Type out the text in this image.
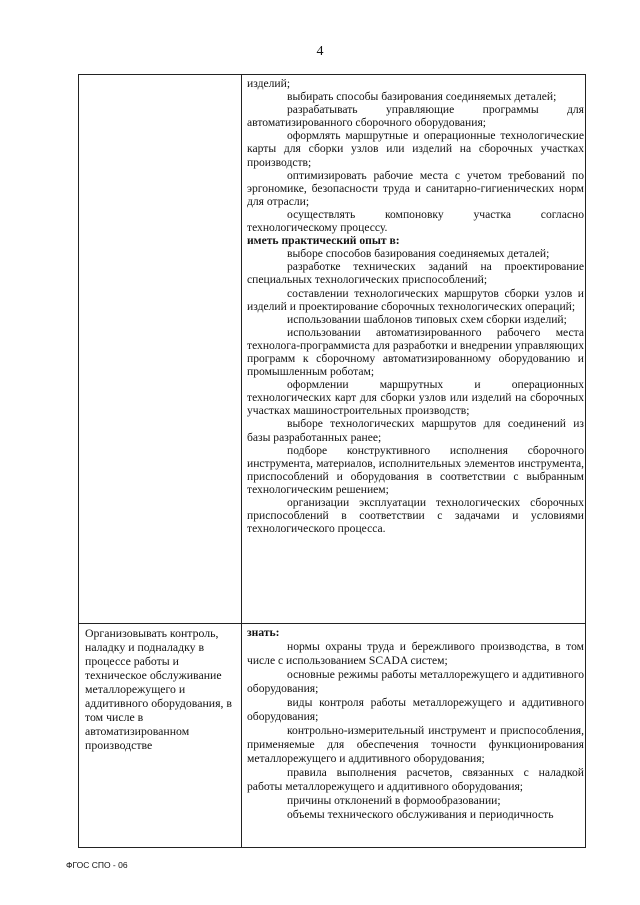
4

изделий;

выбирать способы базирования соединяемых деталей;

разрабатывать управляющие программы для автоматизированного сборочного оборудования;

оформлять маршрутные и операционные технологические карты для сборки узлов или изделий на сборочных участках производств;

оптимизировать рабочие места с учетом требований по эргономике, безопасности труда и санитарно-гигиенических норм для отрасли;

осуществлять компоновку участка согласно технологическому процессу.

иметь практический опыт в:

выборе способов базирования соединяемых деталей;

разработке технических заданий на проектирование специальных технологических приспособлений;

составлении технологических маршрутов сборки узлов и изделий и проектирование сборочных технологических операций;

использовании шаблонов типовых схем сборки изделий;

использовании автоматизированного рабочего места технолога-программиста для разработки и внедрении управляющих программ к сборочному автоматизированному оборудованию и промышленным роботам;

оформлении маршрутных и операционных технологических карт для сборки узлов или изделий на сборочных участках машиностроительных производств;

выборе технологических маршрутов для соединений из базы разработанных ранее;

подборе конструктивного исполнения сборочного инструмента, материалов, исполнительных элементов инструмента, приспособлений и оборудования в соответствии с выбранным технологическим решением;

организации эксплуатации технологических сборочных приспособлений в соответствии с задачами и условиями технологического процесса.

Организовывать контроль, наладку и подналадку в процессе работы и техническое обслуживание металлорежущего и аддитивного оборудования, в том числе в автоматизированном производстве

знать:

нормы охраны труда и бережливого производства, в том числе с использованием SCADA систем;

основные режимы работы металлорежущего и аддитивного оборудования;

виды контроля работы металлорежущего и аддитивного оборудования;

контрольно-измерительный инструмент и приспособления, применяемые для обеспечения точности функционирования металлорежущего и аддитивного оборудования;

правила выполнения расчетов, связанных с наладкой работы металлорежущего и аддитивного оборудования;

причины отклонений в формообразовании;

объемы технического обслуживания и периодичность

ФГОС СПО - 06
